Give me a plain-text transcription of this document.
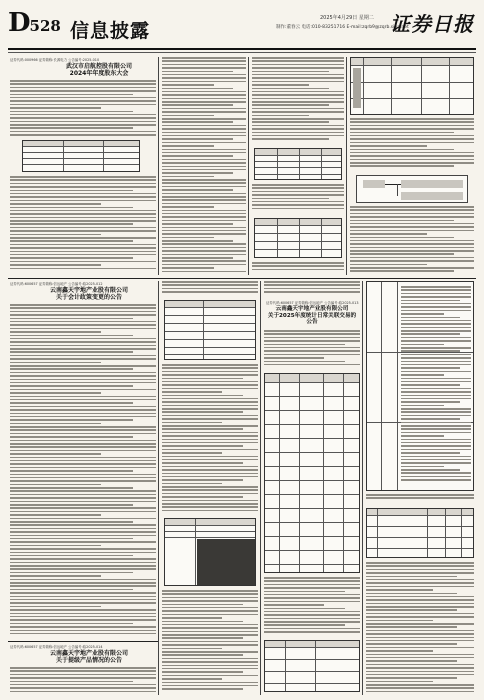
D528 信息披露
2025年4月29日 星期二
制作:董春云 电话:010-83251716 E-mail:zqrb9@zqrb.sina.net
证券日报
证券代码:000966 证券简称:长源电力 公告编号:2025-010
武汉市启航控股有限公司
2024年年度股东大会
证券代码:600657 证券简称:信达地产 公告编号:临2025-012
云南鑫天宇地产业股有限公司
关于会计政策变更的公告
证券代码:600657 证券简称:信达地产 公告编号:临2025-014
云南鑫天宇地产业股有限公司
关于提级产品情况的公告
证券代码:600657 证券简称:信达地产 公告编号:临2025-013
云南鑫天宇地产业股有限公司
关于2025年度统计日常关联交易的
公告
